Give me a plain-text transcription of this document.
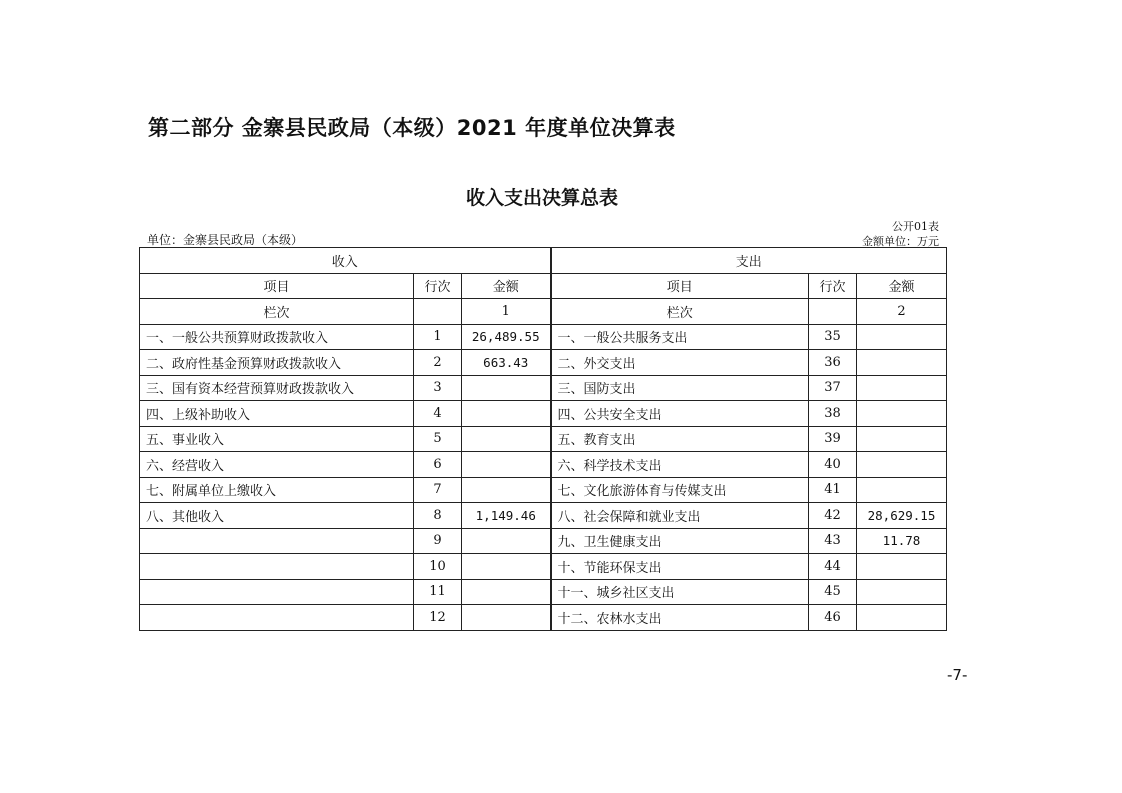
第二部分 金寨县民政局（本级）2021 年度单位决算表
收入支出决算总表
公开01表
单位：金寨县民政局（本级）	金额单位：万元
收入			支出		
项目	行次	金额	项目	行次	金额
栏次		1	栏次		2
一、一般公共预算财政拨款收入	1	26,489.55	一、一般公共服务支出	35	
二、政府性基金预算财政拨款收入	2	663.43	二、外交支出	36	
三、国有资本经营预算财政拨款收入	3		三、国防支出	37	
四、上级补助收入	4		四、公共安全支出	38	
五、事业收入	5		五、教育支出	39	
六、经营收入	6		六、科学技术支出	40	
七、附属单位上缴收入	7		七、文化旅游体育与传媒支出	41	
八、其他收入	8	1,149.46	八、社会保障和就业支出	42	28,629.15
	9		九、卫生健康支出	43	11.78
	10		十、节能环保支出	44	
	11		十一、城乡社区支出	45	
	12		十二、农林水支出	46	
-7-
